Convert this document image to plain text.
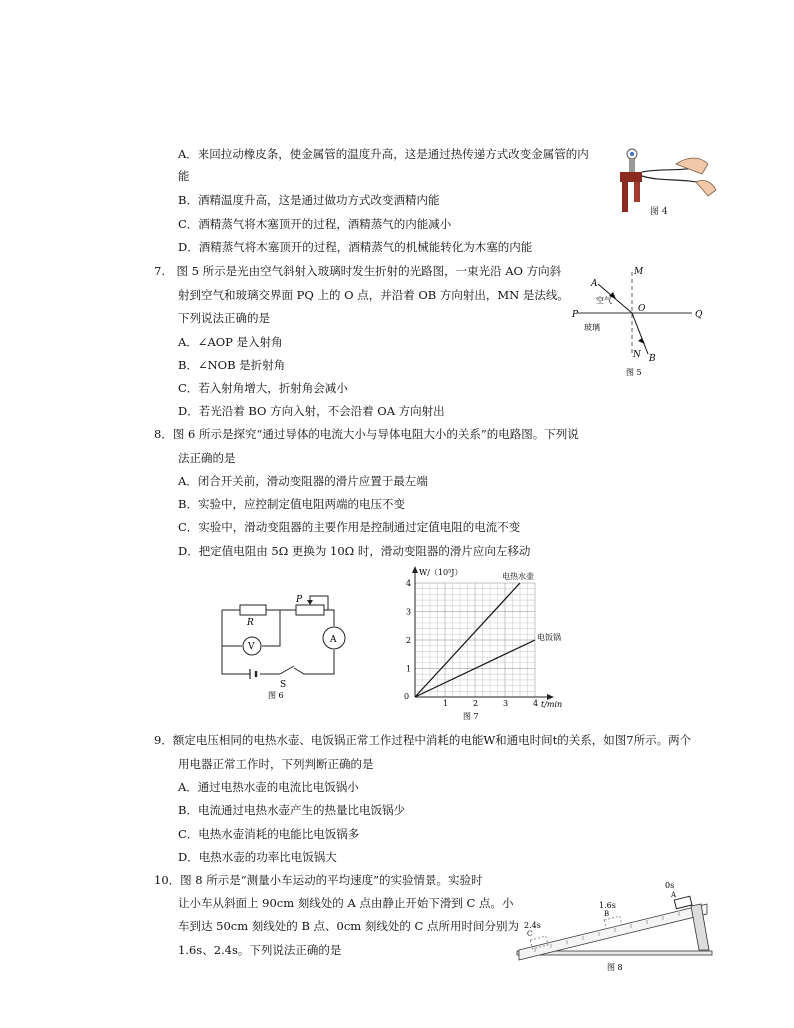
A．来回拉动橡皮条，使金属管的温度升高，这是通过热传递方式改变金属管的内
能
B．酒精温度升高，这是通过做功方式改变酒精内能
C．酒精蒸气将木塞顶开的过程，酒精蒸气的内能减小
D．酒精蒸气将木塞顶开的过程，酒精蒸气的机械能转化为木塞的内能
图 4
7.　图 5 所示是光由空气斜射入玻璃时发生折射的光路图，一束光沿 AO 方向斜
射到空气和玻璃交界面 PQ 上的 O 点，并沿着 OB 方向射出，MN 是法线。
下列说法正确的是
A．∠AOP 是入射角
B．∠NOB 是折射角
C．若入射角增大，折射角会减小
D．若光沿着 BO 方向入射，不会沿着 OA 方向射出
M
A
空气
P
O
Q
玻璃
N B
图 5
8．图 6 所示是探究“通过导体的电流大小与导体电阻大小的关系”的电路图。下列说
法正确的是
A．闭合开关前，滑动变阻器的滑片应置于最左端
B．实验中，应控制定值电阻两端的电压不变
C．实验中，滑动变阻器的主要作用是控制通过定值电阻的电流不变
D．把定值电阻由 5Ω 更换为 10Ω 时，滑动变阻器的滑片应向左移动
P
R
V
A
S
图 6
1	2	3	4
1
2
3
4
电热水壶
电饭锅
W/（10⁵J）
t/min
0
图 7
9．额定电压相同的电热水壶、电饭锅正常工作过程中消耗的电能W和通电时间t的关系，如图7所示。两个
用电器正常工作时，下列判断正确的是
A．通过电热水壶的电流比电饭锅小
B．电流通过电热水壶产生的热量比电饭锅少
C．电热水壶消耗的电能比电饭锅多
D．电热水壶的功率比电饭锅大
10．图 8 所示是“测量小车运动的平均速度”的实验情景。实验时
让小车从斜面上 90cm 刻线处的 A 点由静止开始下滑到 C 点。小
车到达 50cm 刻线处的 B 点、0cm 刻线处的 C 点所用时间分别为
1.6s、2.4s。下列说法正确的是
0s
A
1.6s
B
2.4s
C
图 8
